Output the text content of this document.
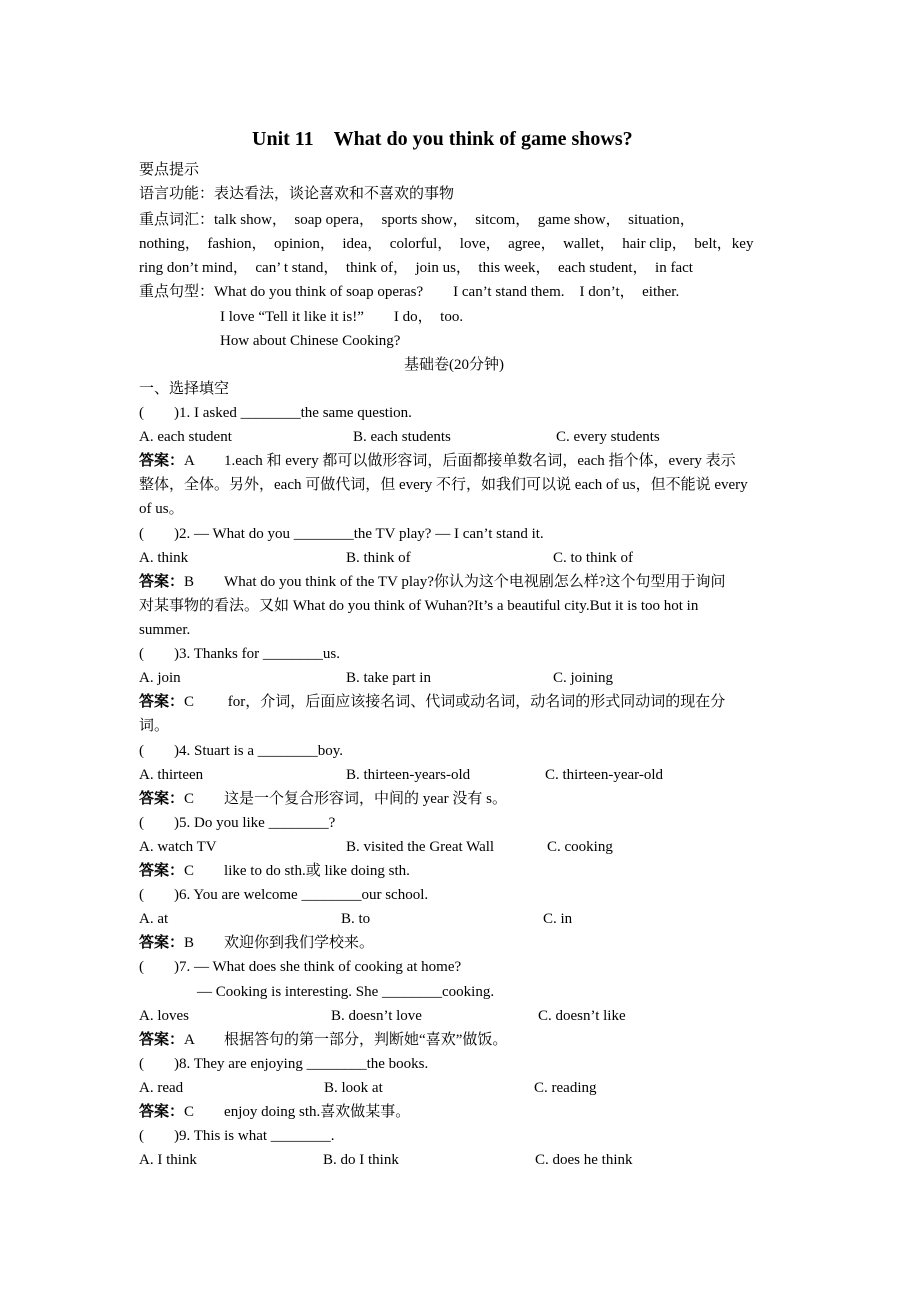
Unit 11　What do you think of game shows?
要点提示
语言功能：表达看法，谈论喜欢和不喜欢的事物
重点词汇：talk show，　soap opera，　sports show，　sitcom，　game show，　situation，
nothing，　fashion，　opinion，　idea，　colorful，　love，　agree，　wallet，　hair clip，　belt，key
ring don’t mind，　can’ t stand，　think of，　join us，　this week，　each student，　in fact
重点句型：What do you think of soap operas?　　I can’t stand them.　I don’t，　either.
I love “Tell it like it is!”　　I do，　too.
How about Chinese Cooking?
基础卷(20分钟)
一、选择填空
(　　)1. I asked ________the same question.
A. each student	B. each students	C. every students
答案：A　　 1.each 和 every 都可以做形容词，后面都接单数名词，each 指个体，every 表示
整体，全体。另外，each 可做代词，但 every 不行，如我们可以说 each of us，但不能说 every
of us。
(　　)2. — What do you ________the TV play? — I can’t stand it.
A. think	B. think of	C. to think of
答案：B　　 What do you think of the TV play?你认为这个电视剧怎么样?这个句型用于询问
对某事物的看法。又如 What do you think of Wuhan?It’s a beautiful city.But it is too hot in
summer.
(　　)3. Thanks for ________us.
A. join	B. take part in	C. joining
答案：C　　 for，介词，后面应该接名词、代词或动名词，动名词的形式同动词的现在分
词。
(　　)4. Stuart is a ________boy.
A. thirteen	B. thirteen-years-old	C. thirteen-year-old
答案：C　　 这是一个复合形容词，中间的 year 没有 s。
(　　)5. Do you like ________?
A. watch TV	B. visited the Great Wall	C. cooking
答案：C　　 like to do sth.或 like doing sth.
(　　)6. You are welcome ________our school.
A. at	B. to	C. in
答案：B　　 欢迎你到我们学校来。
(　　)7. — What does she think of cooking at home?
— Cooking is interesting. She ________cooking.
A. loves	B. doesn’t love	C. doesn’t like
答案：A　　 根据答句的第一部分，判断她“喜欢”做饭。
(　　)8. They are enjoying ________the books.
A. read	B. look at	C. reading
答案：C　　 enjoy doing sth.喜欢做某事。
(　　)9. This is what ________.
A. I think	B. do I think	C. does he think
